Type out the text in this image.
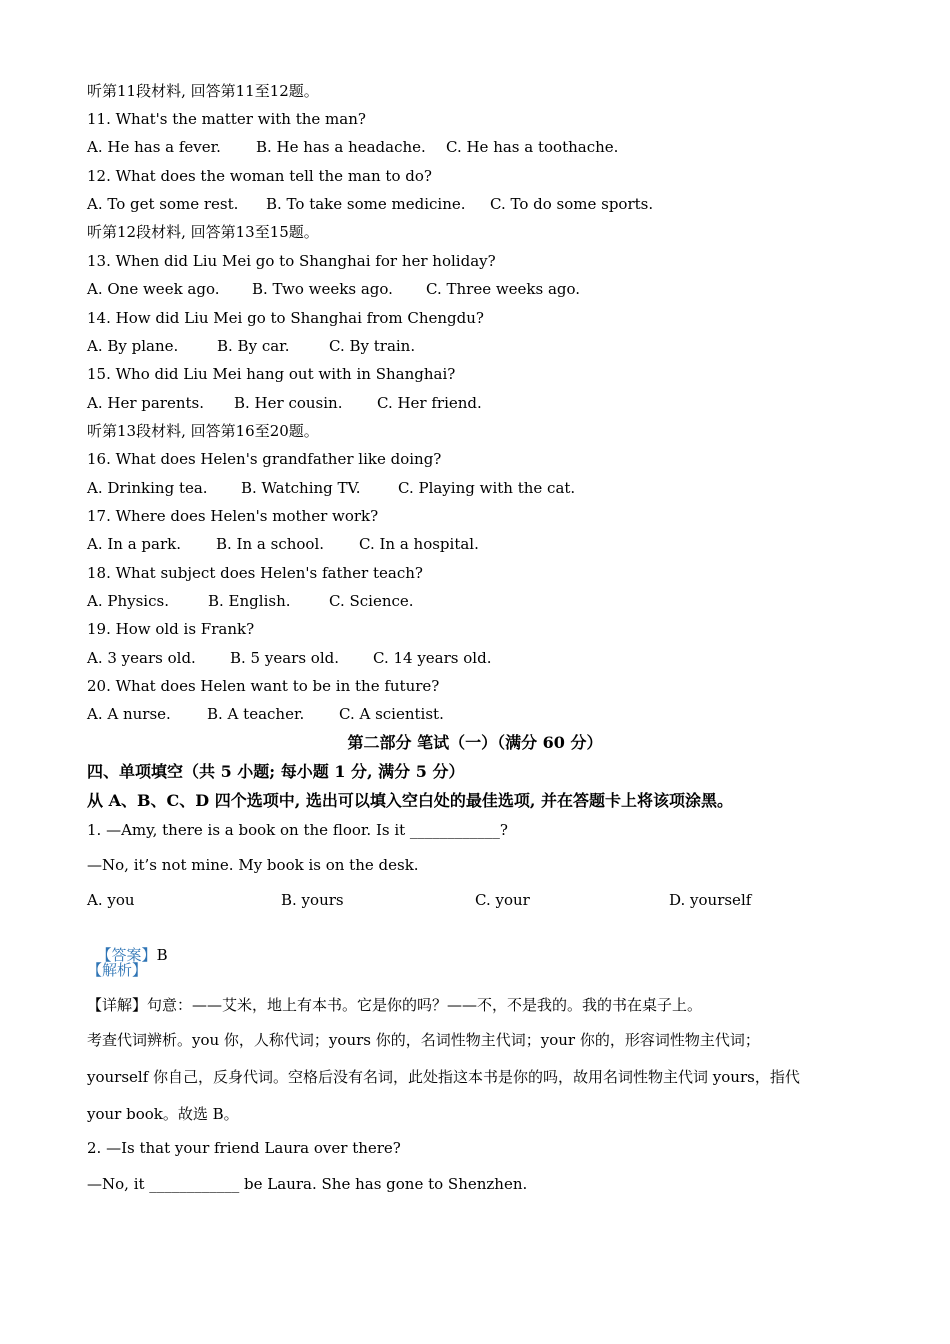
听第11段材料, 回答第11至12题。
11. What's the matter with the man?
A. He has a fever. B. He has a headache. C. He has a toothache.
12. What does the woman tell the man to do?
A. To get some rest. B. To take some medicine. C. To do some sports.
听第12段材料, 回答第13至15题。
13. When did Liu Mei go to Shanghai for her holiday?
A. One week ago. B. Two weeks ago. C. Three weeks ago.
14. How did Liu Mei go to Shanghai from Chengdu?
A. By plane.	B. By car.	C. By train.
15. Who did Liu Mei hang out with in Shanghai?
A. Her parents. B. Her cousin. C. Her friend.
听第13段材料, 回答第16至20题。
16. What does Helen's grandfather like doing?
A. Drinking tea. B. Watching TV. C. Playing with the cat.
17. Where does Helen's mother work?
A. In a park. B. In a school. C. In a hospital.
18. What subject does Helen's father teach?
A. Physics.	B. English.	C. Science.
19. How old is Frank?
A. 3 years old. B. 5 years old. C. 14 years old.
20. What does Helen want to be in the future?
A. A nurse. B. A teacher. C. A scientist.
第二部分 笔试（一）（满分 60 分）
四、单项填空（共 5 小题; 每小题 1 分, 满分 5 分）
从 A、B、C、D 四个选项中, 选出可以填入空白处的最佳选项, 并在答题卡上将该项涂黑。
1. —Amy, there is a book on the floor. Is it ____________?
—No, it’s not mine. My book is on the desk.
A. you	B. yours	C. your	D. yourself

【答案】B

【解析】
【详解】句意：——艾米，地上有本书。它是你的吗？——不，不是我的。我的书在桌子上。
考查代词辨析。you 你，人称代词；yours 你的，名词性物主代词；your 你的，形容词性物主代词；
yourself 你自己，反身代词。空格后没有名词，此处指这本书是你的吗，故用名词性物主代词 yours，指代
your book。故选 B。
2. —Is that your friend Laura over there?
—No, it ____________ be Laura. She has gone to Shenzhen.
